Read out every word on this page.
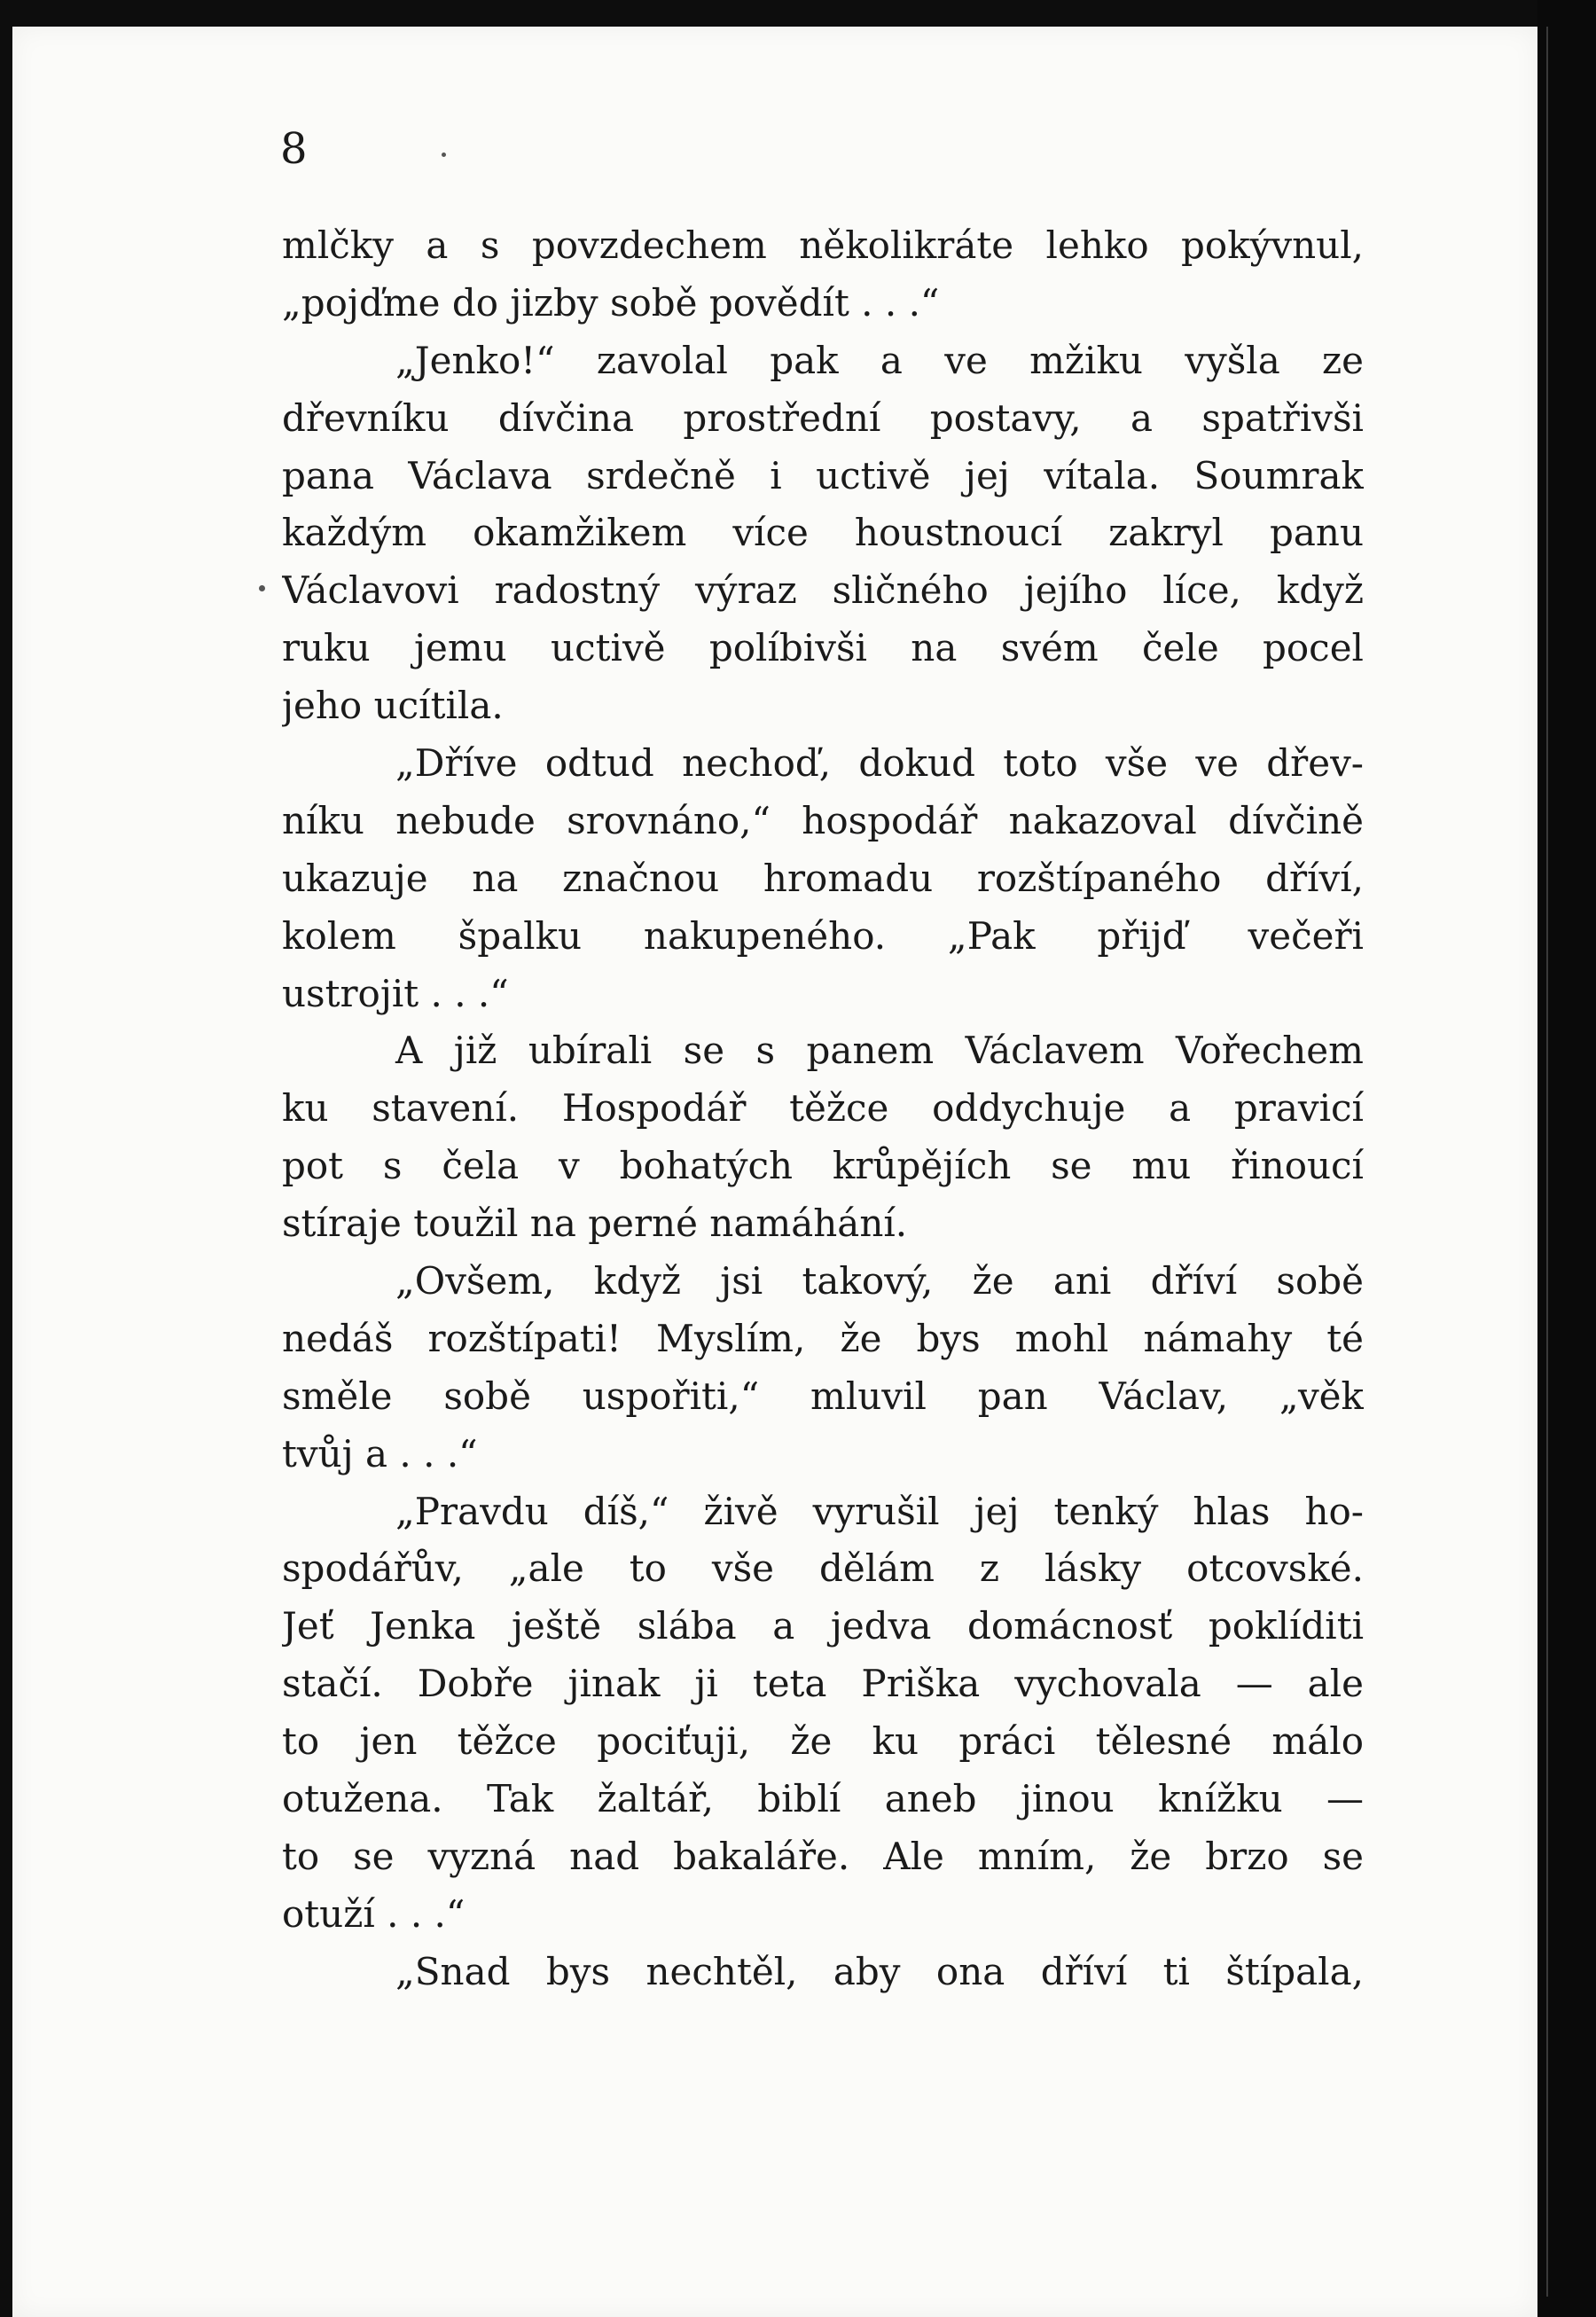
8
mlčky a s povzdechem několikráte lehko pokývnul,
„pojďme do jizby sobě povědít . . .“
„Jenko!“ zavolal pak a ve mžiku vyšla ze
dřevníku dívčina prostřední postavy, a spatřivši
pana Václava srdečně i uctivě jej vítala. Soumrak
každým okamžikem více houstnoucí zakryl panu
Václavovi radostný výraz sličného jejího líce, když
ruku jemu uctivě políbivši na svém čele pocel
jeho ucítila.
„Dříve odtud nechoď, dokud toto vše ve dřev-
níku nebude srovnáno,“ hospodář nakazoval dívčině
ukazuje na značnou hromadu rozštípaného dříví,
kolem špalku nakupeného. „Pak přijď večeři
ustrojit . . .“
A již ubírali se s panem Václavem Vořechem
ku stavení. Hospodář těžce oddychuje a pravicí
pot s čela v bohatých krůpějích se mu řinoucí
stíraje toužil na perné namáhání.
„Ovšem, když jsi takový, že ani dříví sobě
nedáš rozštípati! Myslím, že bys mohl námahy té
směle sobě uspořiti,“ mluvil pan Václav, „věk
tvůj a . . .“
„Pravdu díš,“ živě vyrušil jej tenký hlas ho-
spodářův, „ale to vše dělám z lásky otcovské.
Jeť Jenka ještě slába a jedva domácnosť poklíditi
stačí. Dobře jinak ji teta Priška vychovala — ale
to jen těžce pociťuji, že ku práci tělesné málo
otužena. Tak žaltář, biblí aneb jinou knížku —
to se vyzná nad bakaláře. Ale mním, že brzo se
otuží . . .“
„Snad bys nechtěl, aby ona dříví ti štípala,
